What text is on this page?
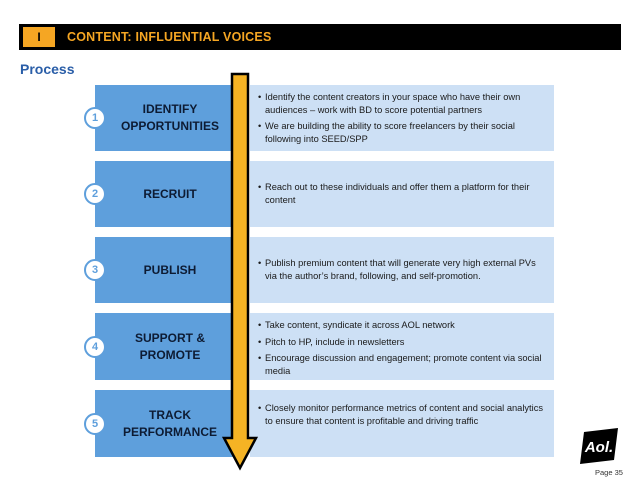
I	CONTENT: INFLUENTIAL VOICES
Process
IDENTIFY
OPPORTUNITIES
1
• Identify the content creators in your space who have their own audiences – work with BD to score potential partners
• We are building the ability to score freelancers by their social following into SEED/SPP
RECRUIT
2
• Reach out to these individuals and offer them a platform for their content
PUBLISH
3
• Publish premium content that will generate very high external PVs via the author’s brand, following, and self-promotion.
SUPPORT &
PROMOTE
4
• Take content, syndicate it across AOL network
• Pitch to HP, include in newsletters
• Encourage discussion and engagement; promote content via social media
TRACK
PERFORMANCE
5
• Closely monitor performance metrics of content and social analytics to ensure that content is profitable and driving traffic
Aol.
Page 35
